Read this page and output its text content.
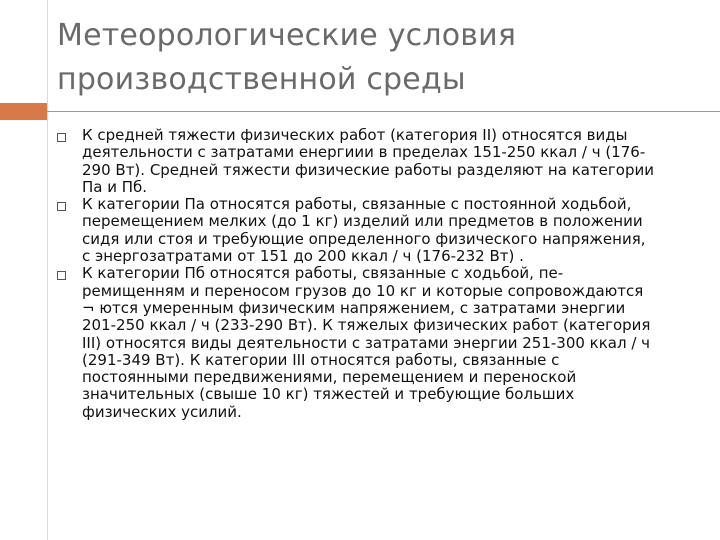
Метеорологические условия
производственной среды
К средней тяжести физических работ (категория II) относятся виды
деятельности с затратами енергиии в пределах 151-250 ккал / ч (176-
290 Вт). Средней тяжести физические работы разделяют на категории
Па и Пб.
К категории Па относятся работы, связанные с постоянной ходьбой,
перемещением мелких (до 1 кг) изделий или предметов в положении
сидя или стоя и требующие определенного физического напряжения,
с энергозатратами от 151 до 200 ккал / ч (176-232 Вт) .
К категории Пб относятся работы, связанные с ходьбой, пе-
ремищенням и переносом грузов до 10 кг и которые сопровождаются
¬ ются умеренным физическим напряжением, с затратами энергии
201-250 ккал / ч (233-290 Вт). К тяжелых физических работ (категория
III) относятся виды деятельности с затратами энергии 251-300 ккал / ч
(291-349 Вт). К категории III относятся работы, связанные с
постоянными передвижениями, перемещением и переноской
значительных (свыше 10 кг) тяжестей и требующие больших
физических усилий.
